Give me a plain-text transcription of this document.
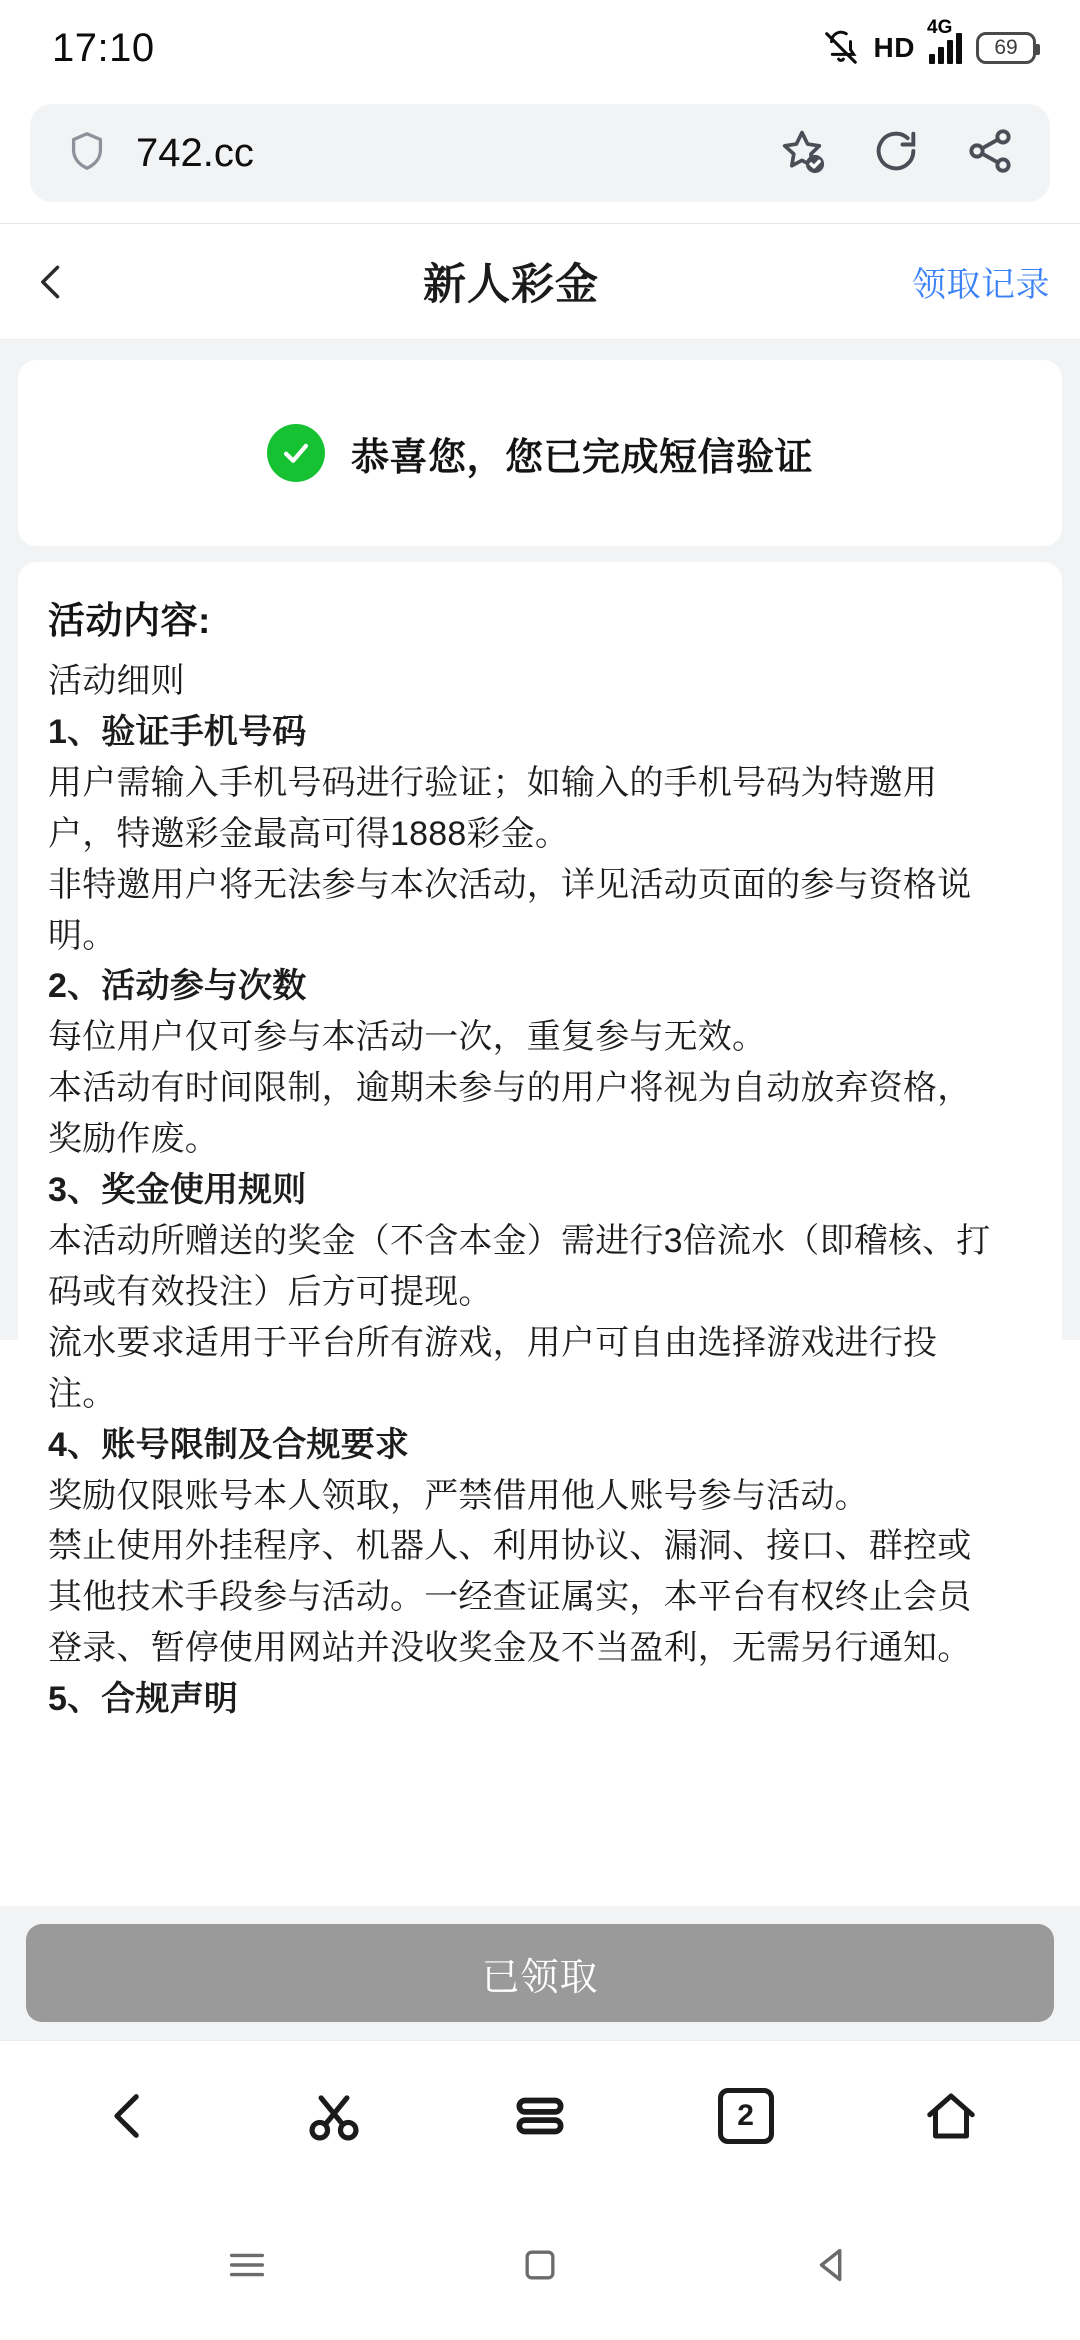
17:10	HD
4G
69
742.cc
新人彩金	领取记录
恭喜您，您已完成短信验证
活动内容:
活动细则
1、验证手机号码
用户需输入手机号码进行验证；如输入的手机号码为特邀用
户，特邀彩金最高可得1888彩金。
非特邀用户将无法参与本次活动，详见活动页面的参与资格说
明。
2、活动参与次数
每位用户仅可参与本活动一次，重复参与无效。
本活动有时间限制，逾期未参与的用户将视为自动放弃资格，
奖励作废。
3、奖金使用规则
本活动所赠送的奖金（不含本金）需进行3倍流水（即稽核、打
码或有效投注）后方可提现。
流水要求适用于平台所有游戏，用户可自由选择游戏进行投
注。
4、账号限制及合规要求
奖励仅限账号本人领取，严禁借用他人账号参与活动。
禁止使用外挂程序、机器人、利用协议、漏洞、接口、群控或
其他技术手段参与活动。一经查证属实，本平台有权终止会员
登录、暂停使用网站并没收奖金及不当盈利，无需另行通知。
5、合规声明
已领取
2
